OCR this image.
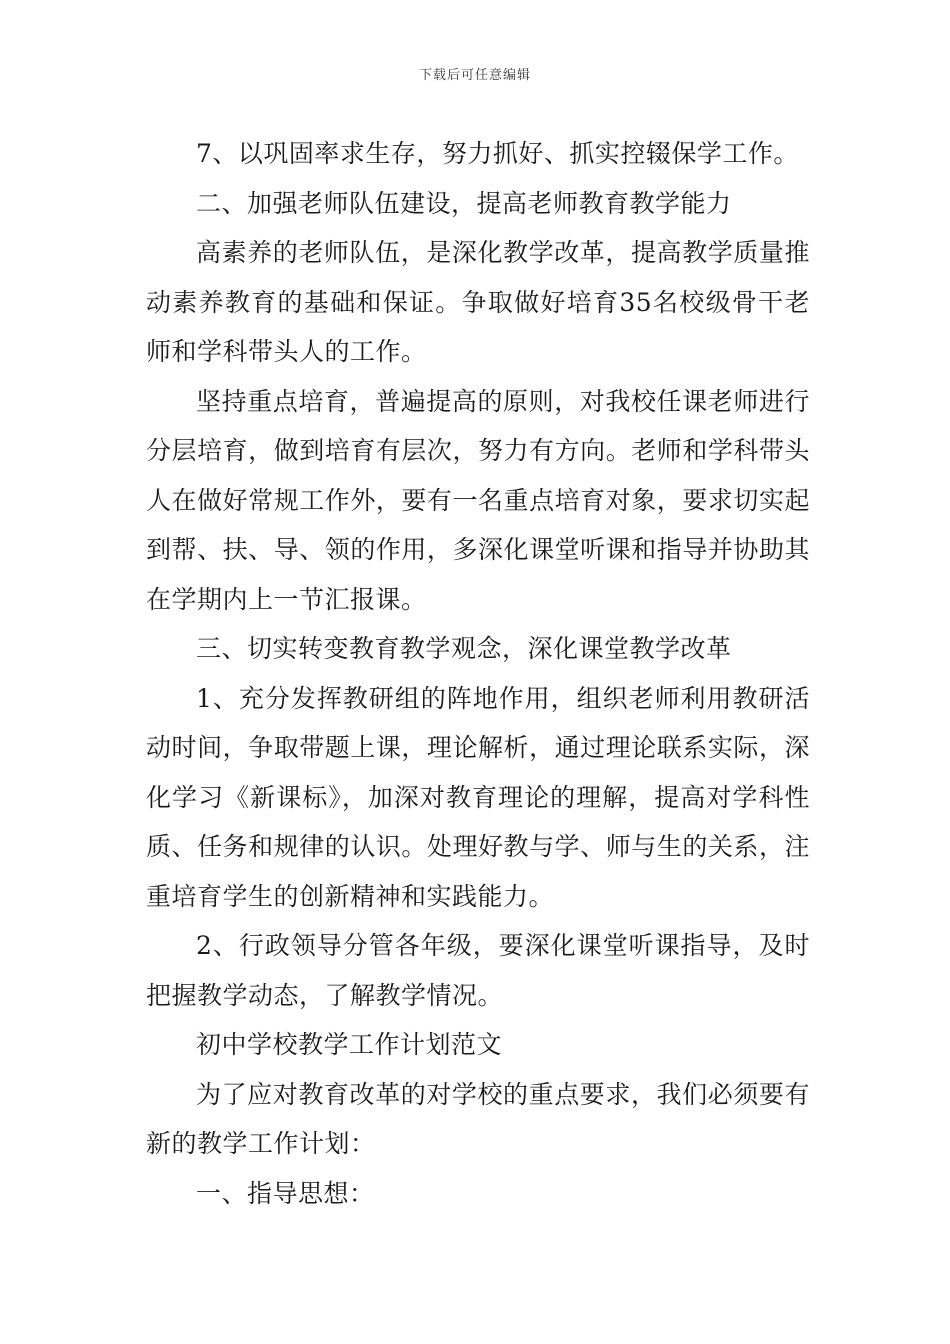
下载后可任意编辑

7、以巩固率求生存，努力抓好、抓实控辍保学工作。

二、加强老师队伍建设，提高老师教育教学能力

高素养的老师队伍，是深化教学改革，提高教学质量推动素养教育的基础和保证。争取做好培育35名校级骨干老师和学科带头人的工作。

坚持重点培育，普遍提高的原则，对我校任课老师进行分层培育，做到培育有层次，努力有方向。老师和学科带头人在做好常规工作外，要有一名重点培育对象，要求切实起到帮、扶、导、领的作用，多深化课堂听课和指导并协助其在学期内上一节汇报课。

三、切实转变教育教学观念，深化课堂教学改革

1、充分发挥教研组的阵地作用，组织老师利用教研活动时间，争取带题上课，理论解析，通过理论联系实际，深化学习《新课标》，加深对教育理论的理解，提高对学科性质、任务和规律的认识。处理好教与学、师与生的关系，注重培育学生的创新精神和实践能力。

2、行政领导分管各年级，要深化课堂听课指导，及时把握教学动态，了解教学情况。

初中学校教学工作计划范文

为了应对教育改革的对学校的重点要求，我们必须要有新的教学工作计划：

一、指导思想：
